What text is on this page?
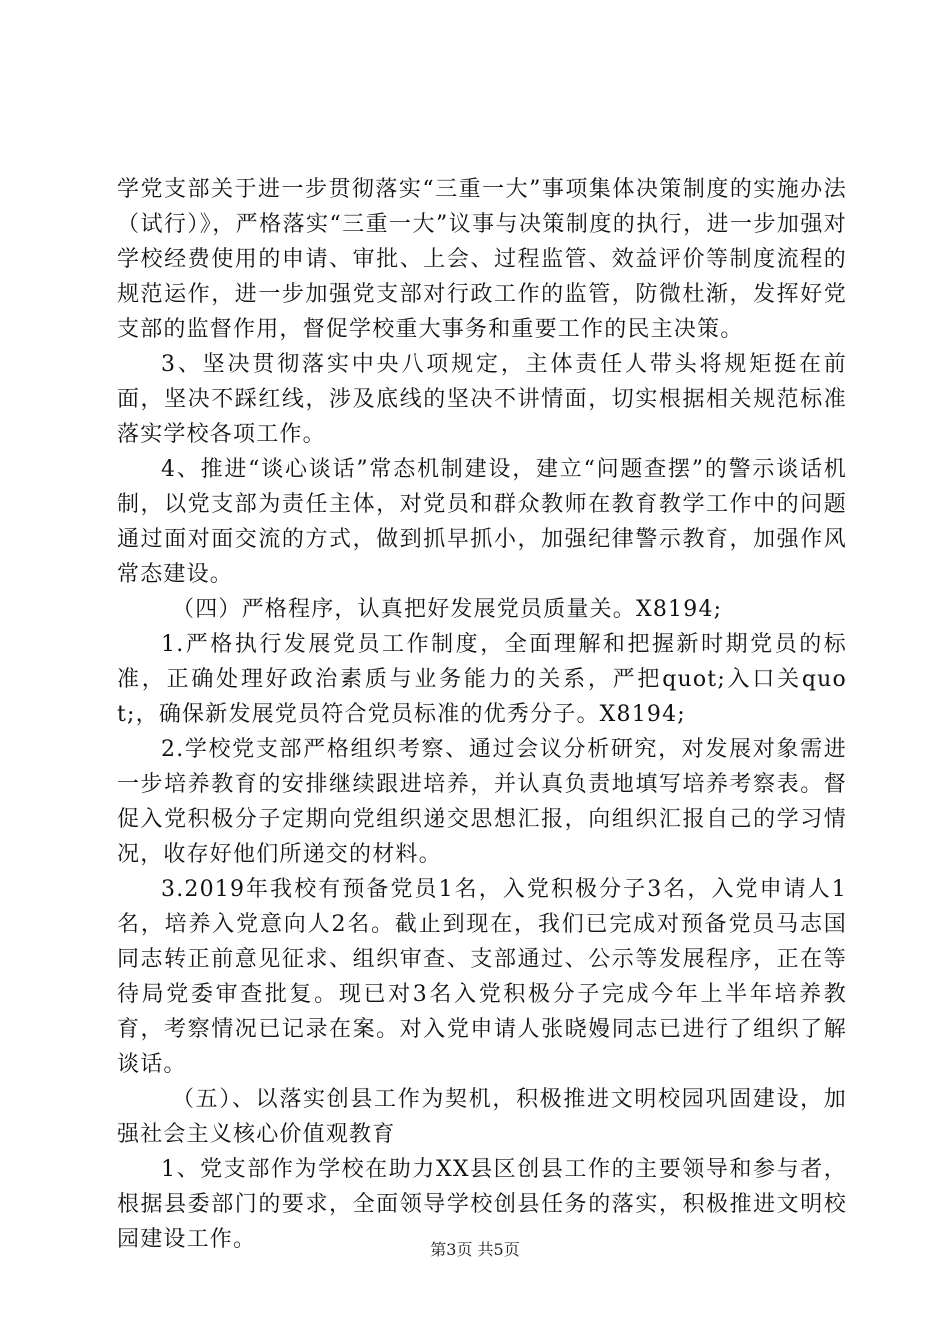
学党支部关于进一步贯彻落实“三重一大”事项集体决策制度的实施办法（试行）》，严格落实“三重一大”议事与决策制度的执行，进一步加强对学校经费使用的申请、审批、上会、过程监管、效益评价等制度流程的规范运作，进一步加强党支部对行政工作的监管，防微杜渐，发挥好党支部的监督作用，督促学校重大事务和重要工作的民主决策。

3、坚决贯彻落实中央八项规定，主体责任人带头将规矩挺在前面，坚决不踩红线，涉及底线的坚决不讲情面，切实根据相关规范标准落实学校各项工作。

4、推进“谈心谈话”常态机制建设，建立“问题查摆”的警示谈话机制，以党支部为责任主体，对党员和群众教师在教育教学工作中的问题通过面对面交流的方式，做到抓早抓小，加强纪律警示教育，加强作风常态建设。

（四）严格程序，认真把好发展党员质量关。X8194;

1.严格执行发展党员工作制度，全面理解和把握新时期党员的标准，正确处理好政治素质与业务能力的关系，严把quot;入口关quot;，确保新发展党员符合党员标准的优秀分子。X8194;

2.学校党支部严格组织考察、通过会议分析研究，对发展对象需进一步培养教育的安排继续跟进培养，并认真负责地填写培养考察表。督促入党积极分子定期向党组织递交思想汇报，向组织汇报自己的学习情况，收存好他们所递交的材料。

3.2019年我校有预备党员1名，入党积极分子3名，入党申请人1名，培养入党意向人2名。截止到现在，我们已完成对预备党员马志国同志转正前意见征求、组织审查、支部通过、公示等发展程序，正在等待局党委审查批复。现已对3名入党积极分子完成今年上半年培养教育，考察情况已记录在案。对入党申请人张晓嫚同志已进行了组织了解谈话。

（五）、以落实创县工作为契机，积极推进文明校园巩固建设，加强社会主义核心价值观教育

1、党支部作为学校在助力XX县区创县工作的主要领导和参与者，根据县委部门的要求，全面领导学校创县任务的落实，积极推进文明校园建设工作。	第3页 共5页
